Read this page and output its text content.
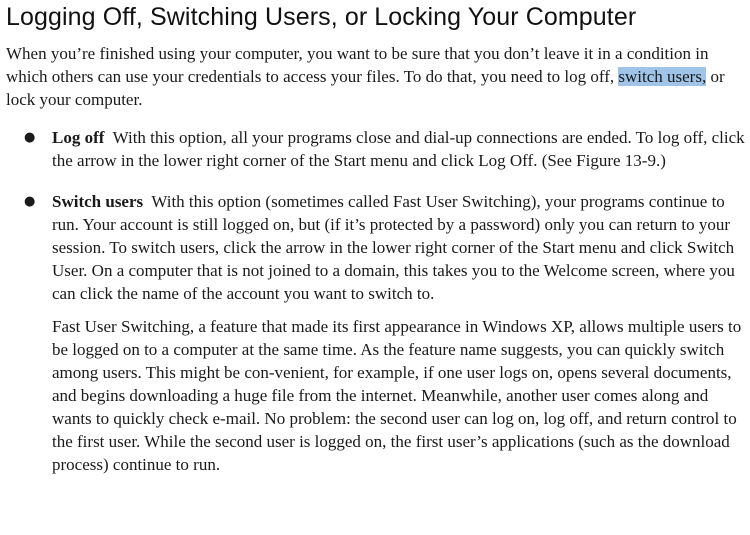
Logging Off, Switching Users, or Locking Your Computer

When you’re finished using your computer, you want to be sure that you don’t leave it in a condition in which others can use your credentials to access your files. To do that, you need to log off, switch users, or lock your computer.

● Log off With this option, all your programs close and dial-up connections are ended. To log off, click the arrow in the lower right corner of the Start menu and click Log Off. (See Figure 13-9.)
● Switch users With this option (sometimes called Fast User Switching), your programs continue to run. Your account is still logged on, but (if it’s protected by a password) only you can return to your session. To switch users, click the arrow in the lower right corner of the Start menu and click Switch User. On a computer that is not joined to a domain, this takes you to the Welcome screen, where you can click the name of the account you want to switch to.

Fast User Switching, a feature that made its first appearance in Windows XP, allows multiple users to be logged on to a computer at the same time. As the feature name suggests, you can quickly switch among users. This might be con-venient, for example, if one user logs on, opens several documents, and begins downloading a huge file from the internet. Meanwhile, another user comes along and wants to quickly check e-mail. No problem: the second user can log on, log off, and return control to the first user. While the second user is logged on, the first user’s applications (such as the download process) continue to run.
